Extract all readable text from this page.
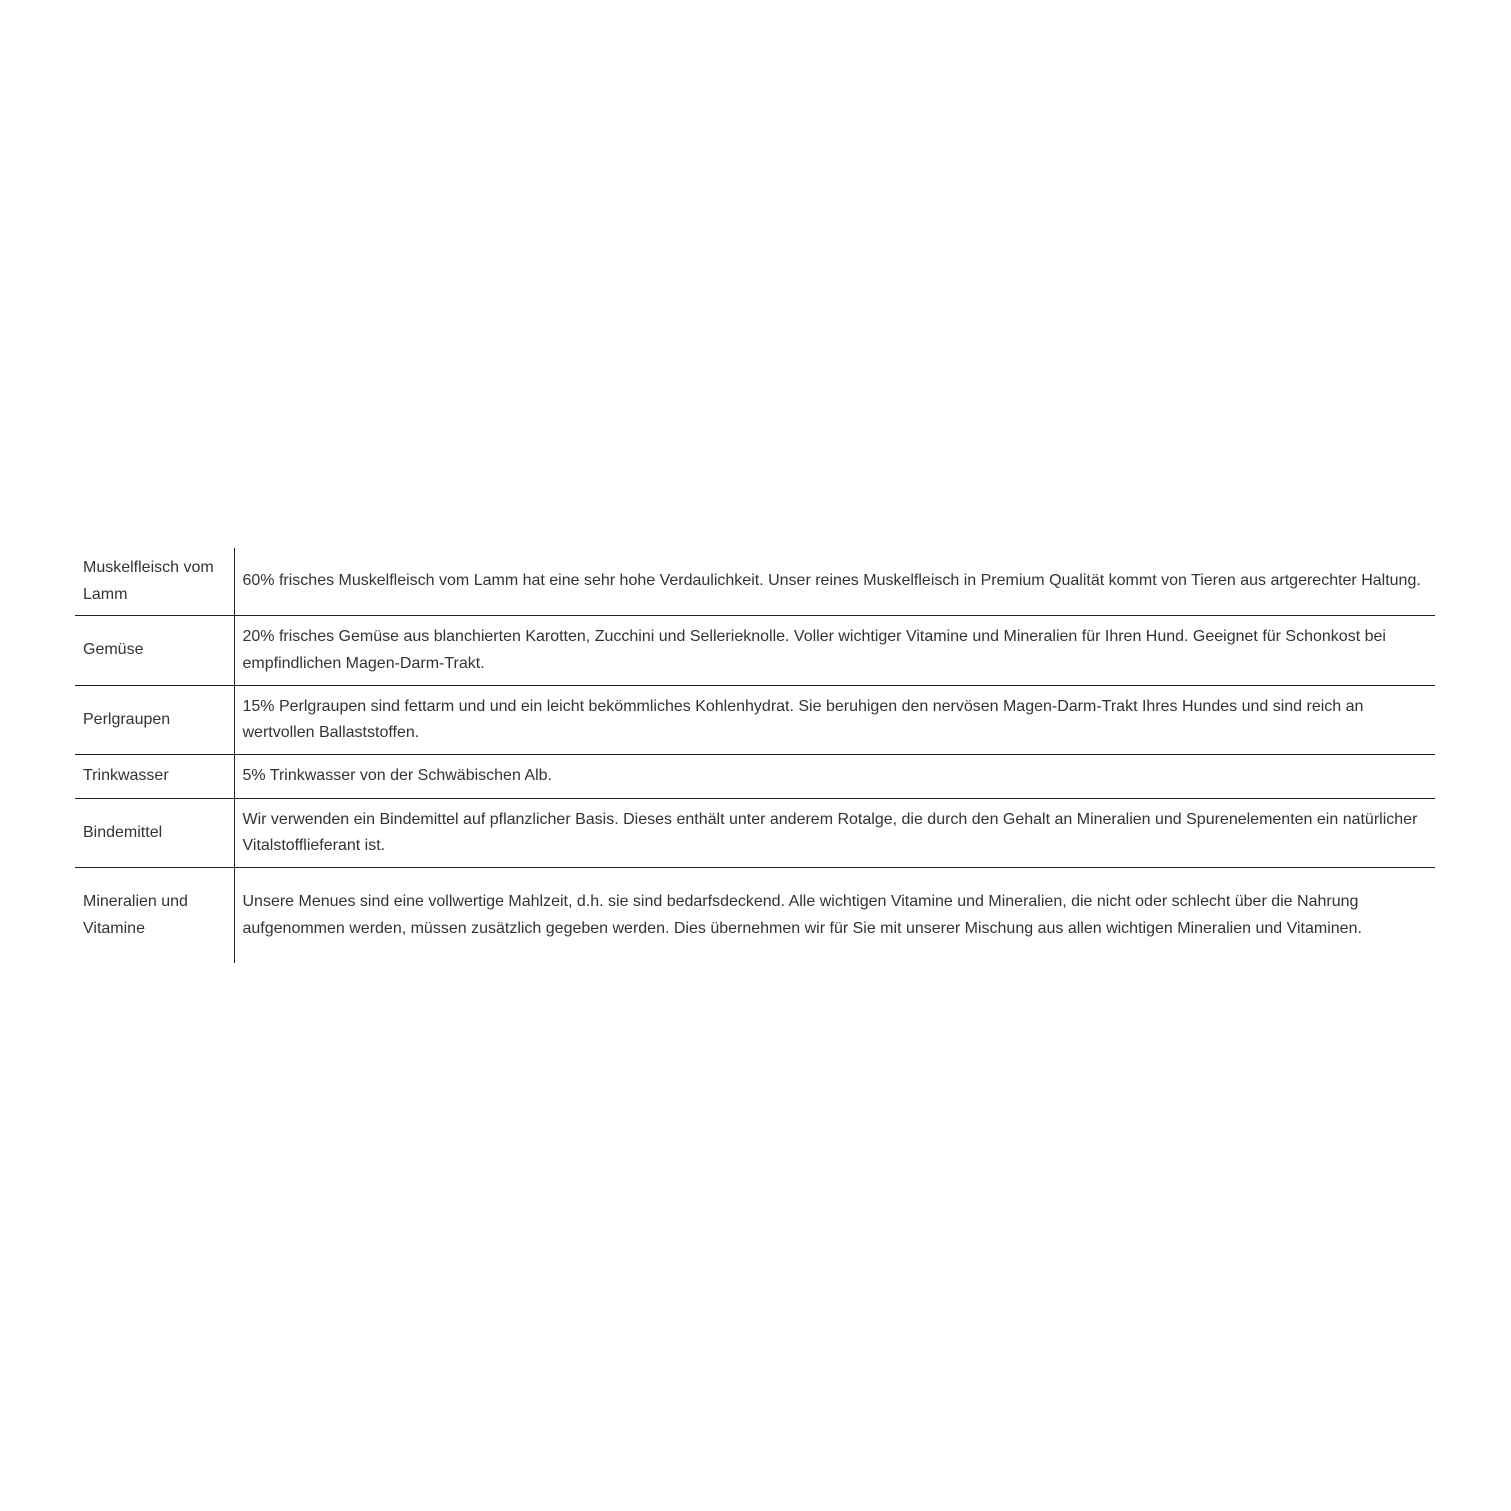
Muskelfleisch vom Lamm	60% frisches Muskelfleisch vom Lamm hat eine sehr hohe Verdaulichkeit. Unser reines Muskelfleisch in Premium Qualität kommt von Tieren aus artgerechter Haltung.
Gemüse	20% frisches Gemüse aus blanchierten Karotten, Zucchini und Sellerieknolle. Voller wichtiger Vitamine und Mineralien für Ihren Hund. Geeignet für Schonkost bei empfindlichen Magen-Darm-Trakt.
Perlgraupen	15% Perlgraupen sind fettarm und und ein leicht bekömmliches Kohlenhydrat. Sie beruhigen den nervösen Magen-Darm-Trakt Ihres Hundes und sind reich an wertvollen Ballaststoffen.
Trinkwasser	5% Trinkwasser von der Schwäbischen Alb.
Bindemittel	Wir verwenden ein Bindemittel auf pflanzlicher Basis. Dieses enthält unter anderem Rotalge, die durch den Gehalt an Mineralien und Spurenelementen ein natürlicher Vitalstofflieferant ist.
Mineralien und Vitamine	Unsere Menues sind eine vollwertige Mahlzeit, d.h. sie sind bedarfsdeckend. Alle wichtigen Vitamine und Mineralien, die nicht oder schlecht über die Nahrung aufgenommen werden, müssen zusätzlich gegeben werden. Dies übernehmen wir für Sie mit unserer Mischung aus allen wichtigen Mineralien und Vitaminen.
